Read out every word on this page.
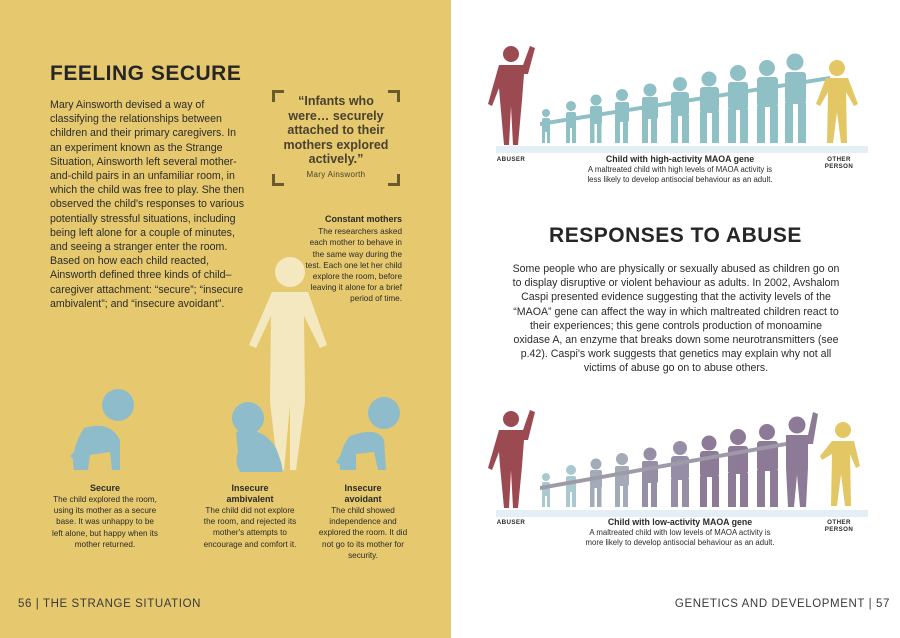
FEELING SECURE

Mary Ainsworth devised a way of classifying the relationships between children and their primary caregivers. In an experiment known as the Strange Situation, Ainsworth left several mother-and-child pairs in an unfamiliar room, in which the child was free to play. She then observed the child's responses to various potentially stressful situations, including being left alone for a couple of minutes, and seeing a stranger enter the room. Based on how each child reacted, Ainsworth defined three kinds of child–caregiver attachment: “secure”; “insecure ambivalent”; and “insecure avoidant”.

“Infants who were… securely attached to their mothers explored actively.”
Mary Ainsworth
Constant mothers
The researchers asked each mother to behave in the same way during the test. Each one let her child explore the room, before leaving it alone for a brief period of time.
Secure
The child explored the room, using its mother as a secure base. It was unhappy to be left alone, but happy when its mother returned.
Insecure ambivalent
The child did not explore the room, and rejected its mother's attempts to encourage and comfort it.
Insecure avoidant
The child showed independence and explored the room. It did not go to its mother for security.
56 | THE STRANGE SITUATION
ABUSER	OTHER
PERSON
Child with high-activity MAOA gene
A maltreated child with high levels of MAOA activity is less likely to develop antisocial behaviour as an adult.
RESPONSES TO ABUSE

Some people who are physically or sexually abused as children go on to display disruptive or violent behaviour as adults. In 2002, Avshalom Caspi presented evidence suggesting that the activity levels of the “MAOA” gene can affect the way in which maltreated children react to their experiences; this gene controls production of monoamine oxidase A, an enzyme that breaks down some neurotransmitters (see p.42). Caspi's work suggests that genetics may explain why not all victims of abuse go on to abuse others.

ABUSER	OTHER
PERSON
Child with low-activity MAOA gene
A maltreated child with low levels of MAOA activity is more likely to develop antisocial behaviour as an adult.
GENETICS AND DEVELOPMENT | 57
